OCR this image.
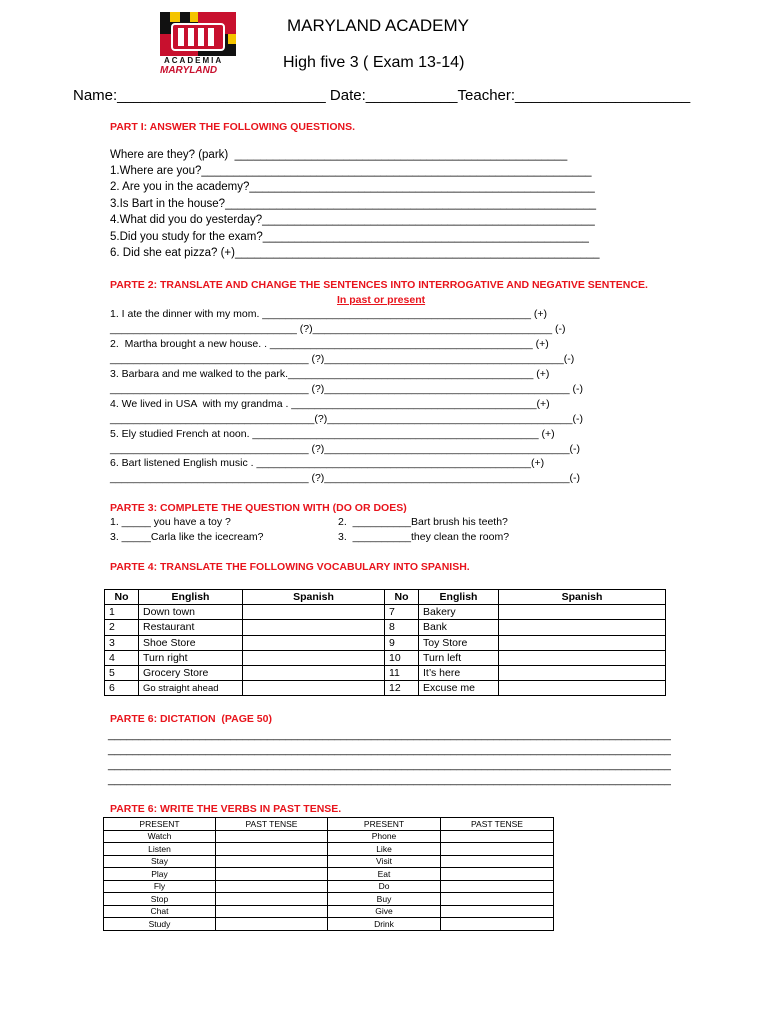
ACADEMIA
MARYLAND
MARYLAND ACADEMY
High five 3 ( Exam 13-14)
Name:_________________________ Date:___________Teacher:_____________________
PART I: ANSWER THE FOLLOWING QUESTIONS.
Where are they? (park)  ____________________________________________________
1.Where are you?_____________________________________________________________
2. Are you in the academy?______________________________________________________
3.Is Bart in the house?__________________________________________________________
4.What did you do yesterday?____________________________________________________
5.Did you study for the exam?___________________________________________________
6. Did she eat pizza? (+)_________________________________________________________
PARTE 2: TRANSLATE AND CHANGE THE SENTENCES INTO INTERROGATIVE AND NEGATIVE SENTENCE.
In past or present
1. I ate the dinner with my mom. ______________________________________________ (+)
________________________________ (?)_________________________________________ (-)
2.  Martha brought a new house. . _____________________________________________ (+)
__________________________________ (?)_________________________________________(-)
3. Barbara and me walked to the park.__________________________________________ (+)
__________________________________ (?)__________________________________________ (-)
4. We lived in USA  with my grandma . __________________________________________(+)
___________________________________(?)__________________________________________(-)
5. Ely studied French at noon. _________________________________________________ (+)
__________________________________ (?)__________________________________________(-)
6. Bart listened English music . _______________________________________________(+)
__________________________________ (?)__________________________________________(-)
PARTE 3: COMPLETE THE QUESTION WITH (DO OR DOES)
1. _____ you have a toy ?	2.  __________Bart brush his teeth?
3. _____Carla like the icecream?	3.  __________they clean the room?
PARTE 4: TRANSLATE THE FOLLOWING VOCABULARY INTO SPANISH.
No	English	Spanish	No	English	Spanish
1	Down town		7	Bakery	
2	Restaurant		8	Bank	
3	Shoe Store		9	Toy Store	
4	Turn right		10	Turn left	
5	Grocery Store		11	It’s here	
6	Go straight ahead		12	Excuse me	
PARTE 6: DICTATION  (PAGE 50)
____________________________________________________________________________________________
____________________________________________________________________________________________
____________________________________________________________________________________________
____________________________________________________________________________________________
PARTE 6: WRITE THE VERBS IN PAST TENSE.
PRESENT	PAST TENSE	PRESENT	PAST TENSE
Watch		Phone	
Listen		Like	
Stay		Visit	
Play		Eat	
Fly		Do	
Stop		Buy	
Chat		Give	
Study		Drink	
